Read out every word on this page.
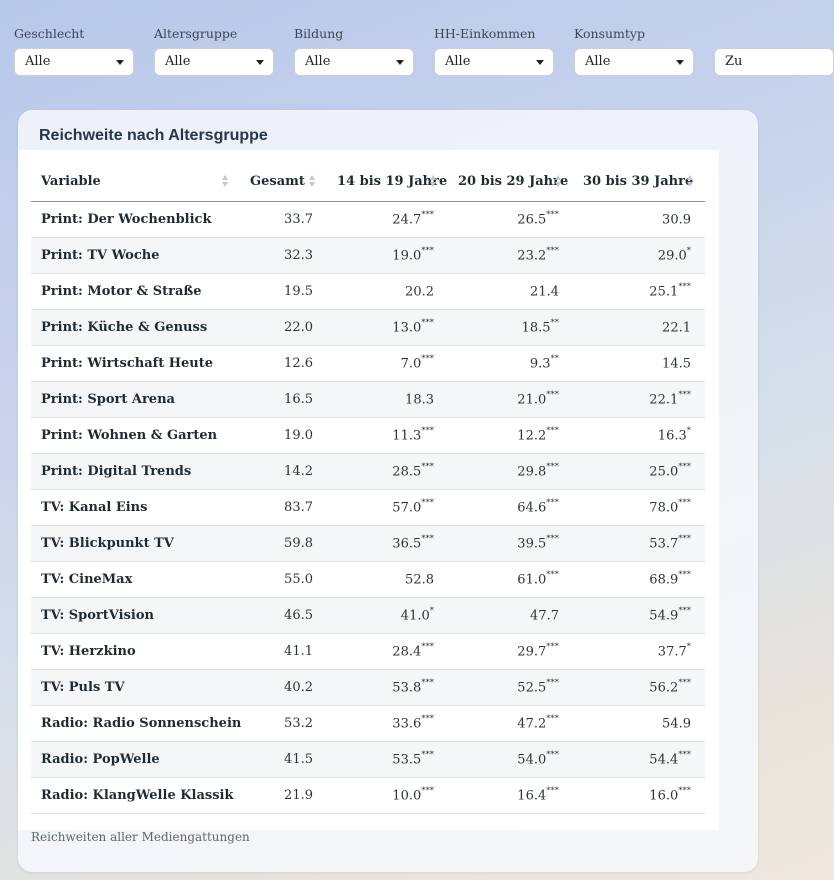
Geschlecht
Alle
Altersgruppe
Alle
Bildung
Alle
HH-Einkommen
Alle
Konsumtyp
Alle	Zu
Reichweite nach Altersgruppe
Variable	Gesamt	14 bis 19 Jahre	20 bis 29 Jahre	30 bis 39 Jahre

Print: Der Wochenblick	33.7	24.7***	26.5***	30.9
Print: TV Woche	32.3	19.0***	23.2***	29.0*
Print: Motor & Straße	19.5	20.2	21.4	25.1***
Print: Küche & Genuss	22.0	13.0***	18.5**	22.1
Print: Wirtschaft Heute	12.6	7.0***	9.3**	14.5
Print: Sport Arena	16.5	18.3	21.0***	22.1***
Print: Wohnen & Garten	19.0	11.3***	12.2***	16.3*
Print: Digital Trends	14.2	28.5***	29.8***	25.0***
TV: Kanal Eins	83.7	57.0***	64.6***	78.0***
TV: Blickpunkt TV	59.8	36.5***	39.5***	53.7***
TV: CineMax	55.0	52.8	61.0***	68.9***
TV: SportVision	46.5	41.0*	47.7	54.9***
TV: Herzkino	41.1	28.4***	29.7***	37.7*
TV: Puls TV	40.2	53.8***	52.5***	56.2***
Radio: Radio Sonnenschein	53.2	33.6***	47.2***	54.9
Radio: PopWelle	41.5	53.5***	54.0***	54.4***
Radio: KlangWelle Klassik	21.9	10.0***	16.4***	16.0***
Reichweiten aller Mediengattungen
